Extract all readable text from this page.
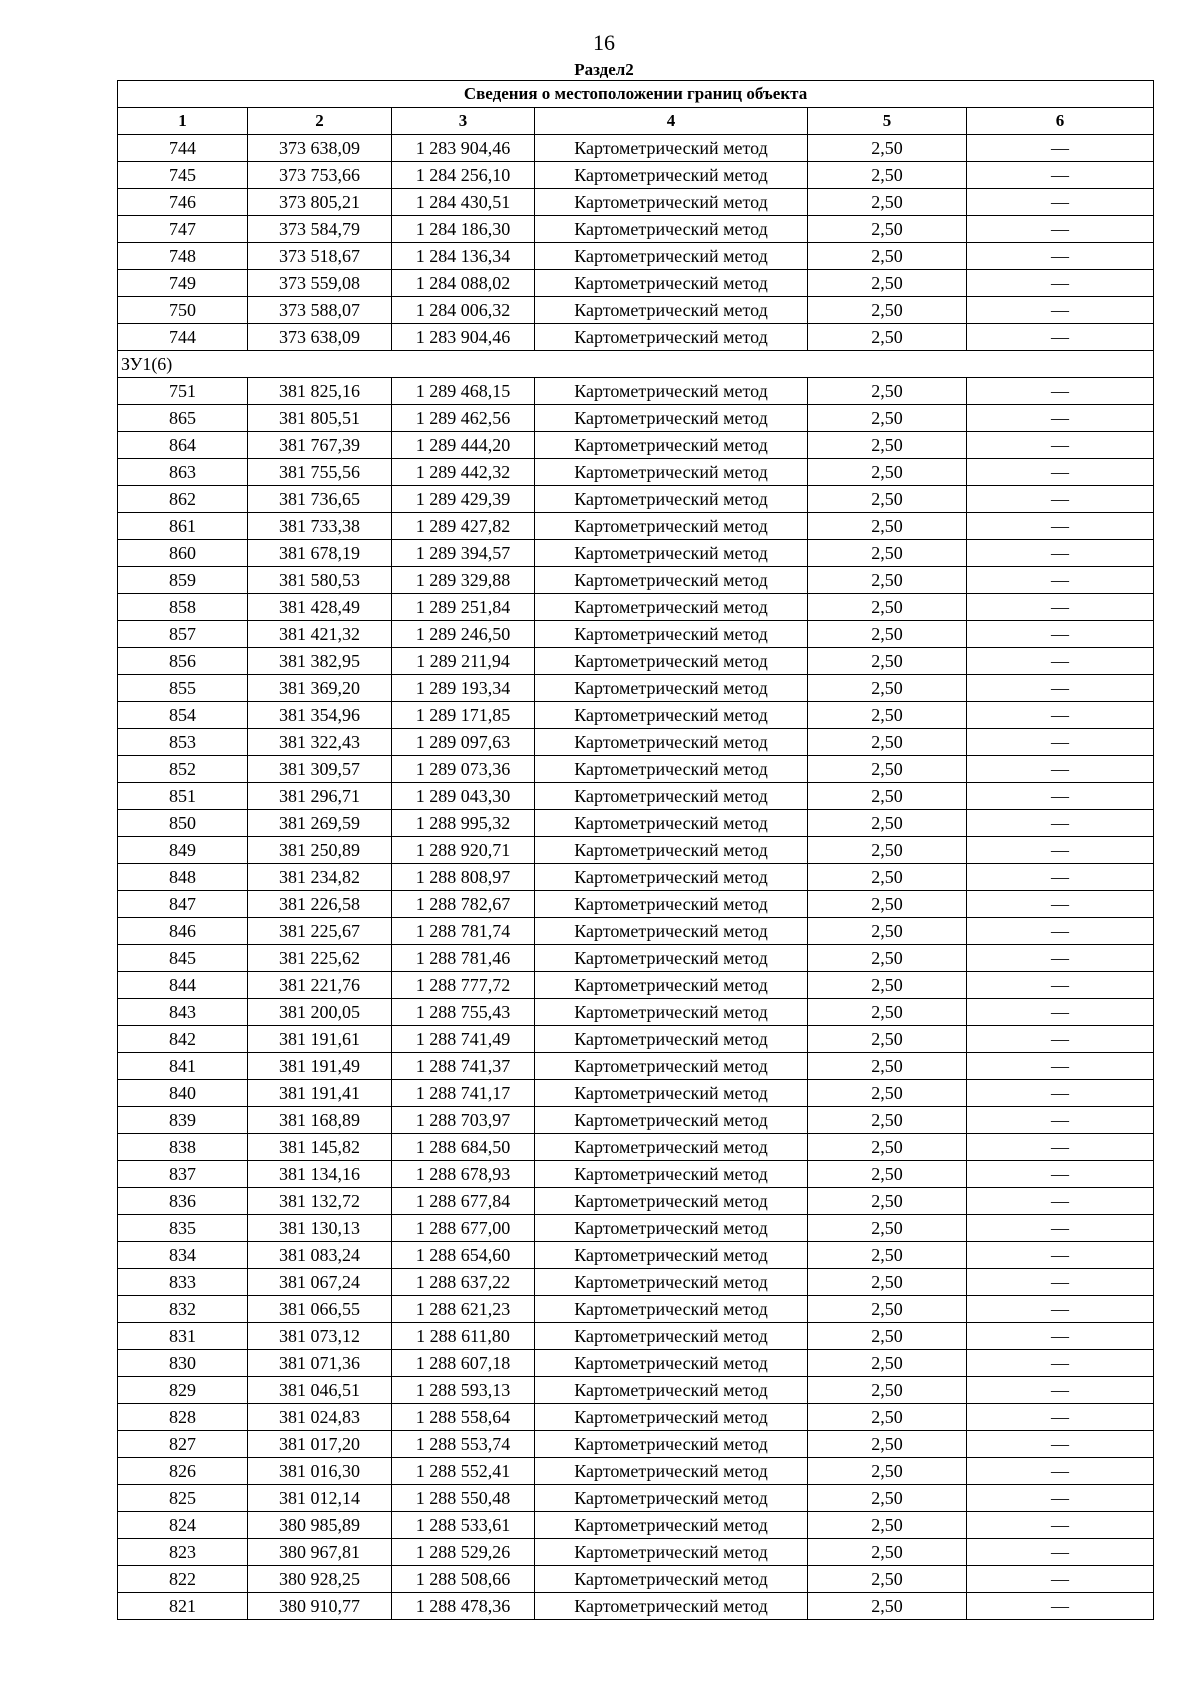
16
Раздел2
Сведения о местоположении границ объекта					
1	2	3	4	5	6
744	373 638,09	1 283 904,46	Картометрический метод	2,50	—
745	373 753,66	1 284 256,10	Картометрический метод	2,50	—
746	373 805,21	1 284 430,51	Картометрический метод	2,50	—
747	373 584,79	1 284 186,30	Картометрический метод	2,50	—
748	373 518,67	1 284 136,34	Картометрический метод	2,50	—
749	373 559,08	1 284 088,02	Картометрический метод	2,50	—
750	373 588,07	1 284 006,32	Картометрический метод	2,50	—
744	373 638,09	1 283 904,46	Картометрический метод	2,50	—
ЗУ1(6)					
751	381 825,16	1 289 468,15	Картометрический метод	2,50	—
865	381 805,51	1 289 462,56	Картометрический метод	2,50	—
864	381 767,39	1 289 444,20	Картометрический метод	2,50	—
863	381 755,56	1 289 442,32	Картометрический метод	2,50	—
862	381 736,65	1 289 429,39	Картометрический метод	2,50	—
861	381 733,38	1 289 427,82	Картометрический метод	2,50	—
860	381 678,19	1 289 394,57	Картометрический метод	2,50	—
859	381 580,53	1 289 329,88	Картометрический метод	2,50	—
858	381 428,49	1 289 251,84	Картометрический метод	2,50	—
857	381 421,32	1 289 246,50	Картометрический метод	2,50	—
856	381 382,95	1 289 211,94	Картометрический метод	2,50	—
855	381 369,20	1 289 193,34	Картометрический метод	2,50	—
854	381 354,96	1 289 171,85	Картометрический метод	2,50	—
853	381 322,43	1 289 097,63	Картометрический метод	2,50	—
852	381 309,57	1 289 073,36	Картометрический метод	2,50	—
851	381 296,71	1 289 043,30	Картометрический метод	2,50	—
850	381 269,59	1 288 995,32	Картометрический метод	2,50	—
849	381 250,89	1 288 920,71	Картометрический метод	2,50	—
848	381 234,82	1 288 808,97	Картометрический метод	2,50	—
847	381 226,58	1 288 782,67	Картометрический метод	2,50	—
846	381 225,67	1 288 781,74	Картометрический метод	2,50	—
845	381 225,62	1 288 781,46	Картометрический метод	2,50	—
844	381 221,76	1 288 777,72	Картометрический метод	2,50	—
843	381 200,05	1 288 755,43	Картометрический метод	2,50	—
842	381 191,61	1 288 741,49	Картометрический метод	2,50	—
841	381 191,49	1 288 741,37	Картометрический метод	2,50	—
840	381 191,41	1 288 741,17	Картометрический метод	2,50	—
839	381 168,89	1 288 703,97	Картометрический метод	2,50	—
838	381 145,82	1 288 684,50	Картометрический метод	2,50	—
837	381 134,16	1 288 678,93	Картометрический метод	2,50	—
836	381 132,72	1 288 677,84	Картометрический метод	2,50	—
835	381 130,13	1 288 677,00	Картометрический метод	2,50	—
834	381 083,24	1 288 654,60	Картометрический метод	2,50	—
833	381 067,24	1 288 637,22	Картометрический метод	2,50	—
832	381 066,55	1 288 621,23	Картометрический метод	2,50	—
831	381 073,12	1 288 611,80	Картометрический метод	2,50	—
830	381 071,36	1 288 607,18	Картометрический метод	2,50	—
829	381 046,51	1 288 593,13	Картометрический метод	2,50	—
828	381 024,83	1 288 558,64	Картометрический метод	2,50	—
827	381 017,20	1 288 553,74	Картометрический метод	2,50	—
826	381 016,30	1 288 552,41	Картометрический метод	2,50	—
825	381 012,14	1 288 550,48	Картометрический метод	2,50	—
824	380 985,89	1 288 533,61	Картометрический метод	2,50	—
823	380 967,81	1 288 529,26	Картометрический метод	2,50	—
822	380 928,25	1 288 508,66	Картометрический метод	2,50	—
821	380 910,77	1 288 478,36	Картометрический метод	2,50	—
